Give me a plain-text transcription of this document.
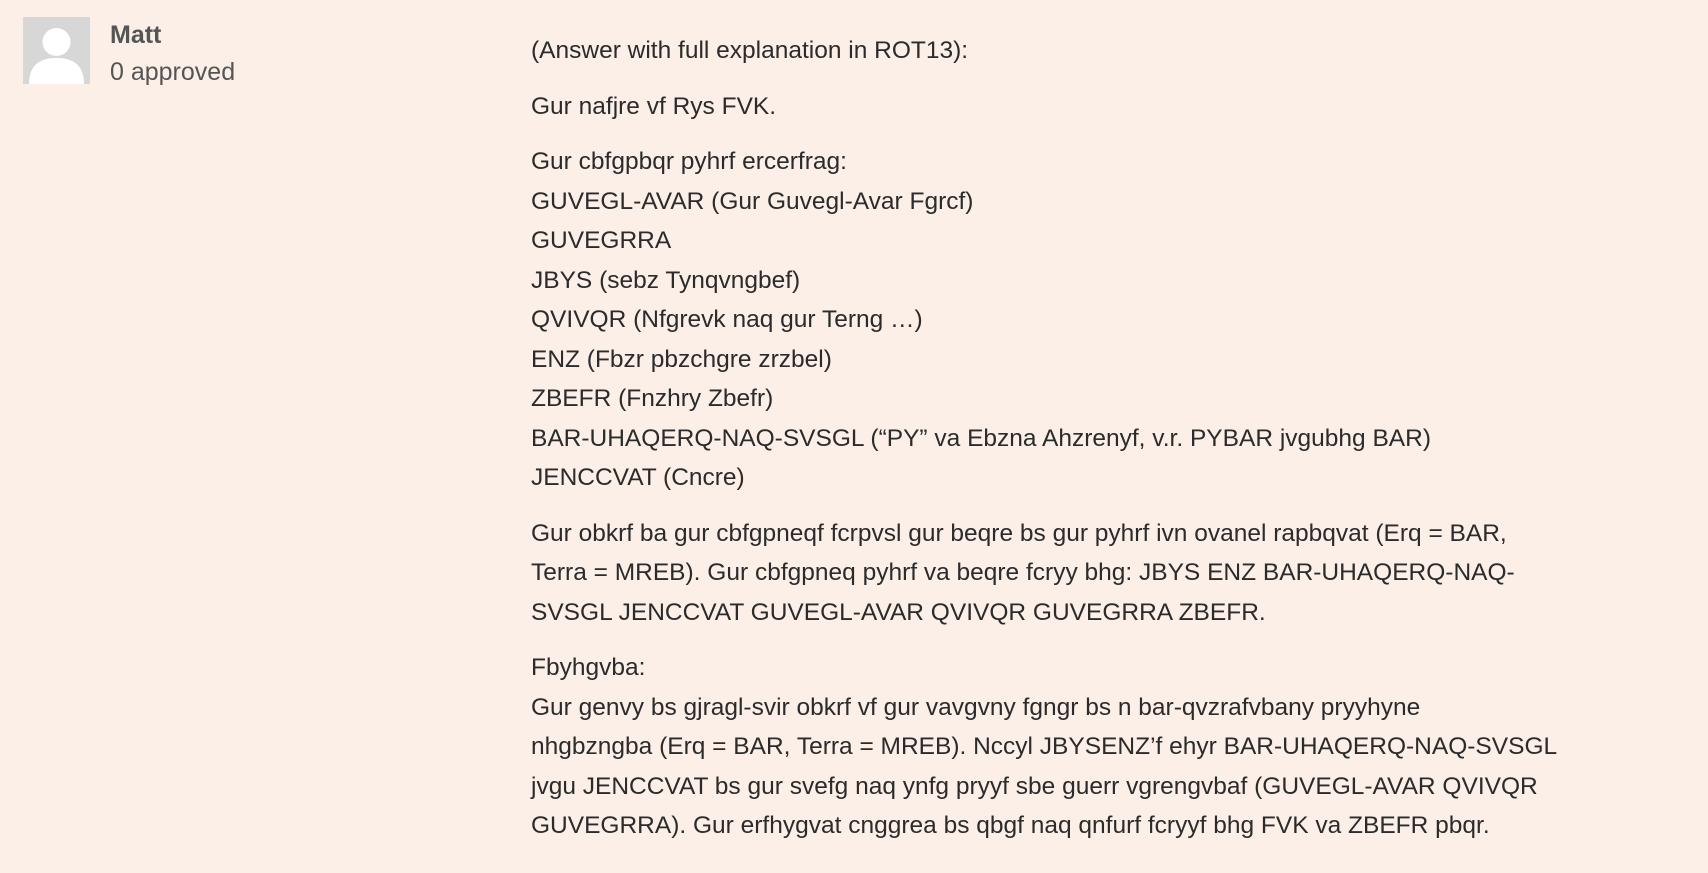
Matt
0 approved

(Answer with full explanation in ROT13):

Gur nafjre vf Rys FVK.

Gur cbfgpbqr pyhrf ercerfrag:
GUVEGL-AVAR (Gur Guvegl-Avar Fgrcf)
GUVEGRRA
JBYS (sebz Tynqvngbef)
QVIVQR (Nfgrevk naq gur Terng …)
ENZ (Fbzr pbzchgre zrzbel)
ZBEFR (Fnzhry Zbefr)
BAR-UHAQERQ-NAQ-SVSGL (“PY” va Ebzna Ahzrenyf, v.r. PYBAR jvgubhg BAR)
JENCCVAT (Cncre)

Gur obkrf ba gur cbfgpneqf fcrpvsl gur beqre bs gur pyhrf ivn ovanel rapbqvat (Erq = BAR,
Terra = MREB). Gur cbfgpneq pyhrf va beqre fcryy bhg: JBYS ENZ BAR-UHAQERQ-NAQ-
SVSGL JENCCVAT GUVEGL-AVAR QVIVQR GUVEGRRA ZBEFR.

Fbyhgvba:
Gur genvy bs gjragl-svir obkrf vf gur vavgvny fgngr bs n bar-qvzrafvbany pryyhyne
nhgbzngba (Erq = BAR, Terra = MREB). Nccyl JBYSENZ’f ehyr BAR-UHAQERQ-NAQ-SVSGL
jvgu JENCCVAT bs gur svefg naq ynfg pryyf sbe guerr vgrengvbaf (GUVEGL-AVAR QVIVQR
GUVEGRRA). Gur erfhygvat cnggrea bs qbgf naq qnfurf fcryyf bhg FVK va ZBEFR pbqr.
